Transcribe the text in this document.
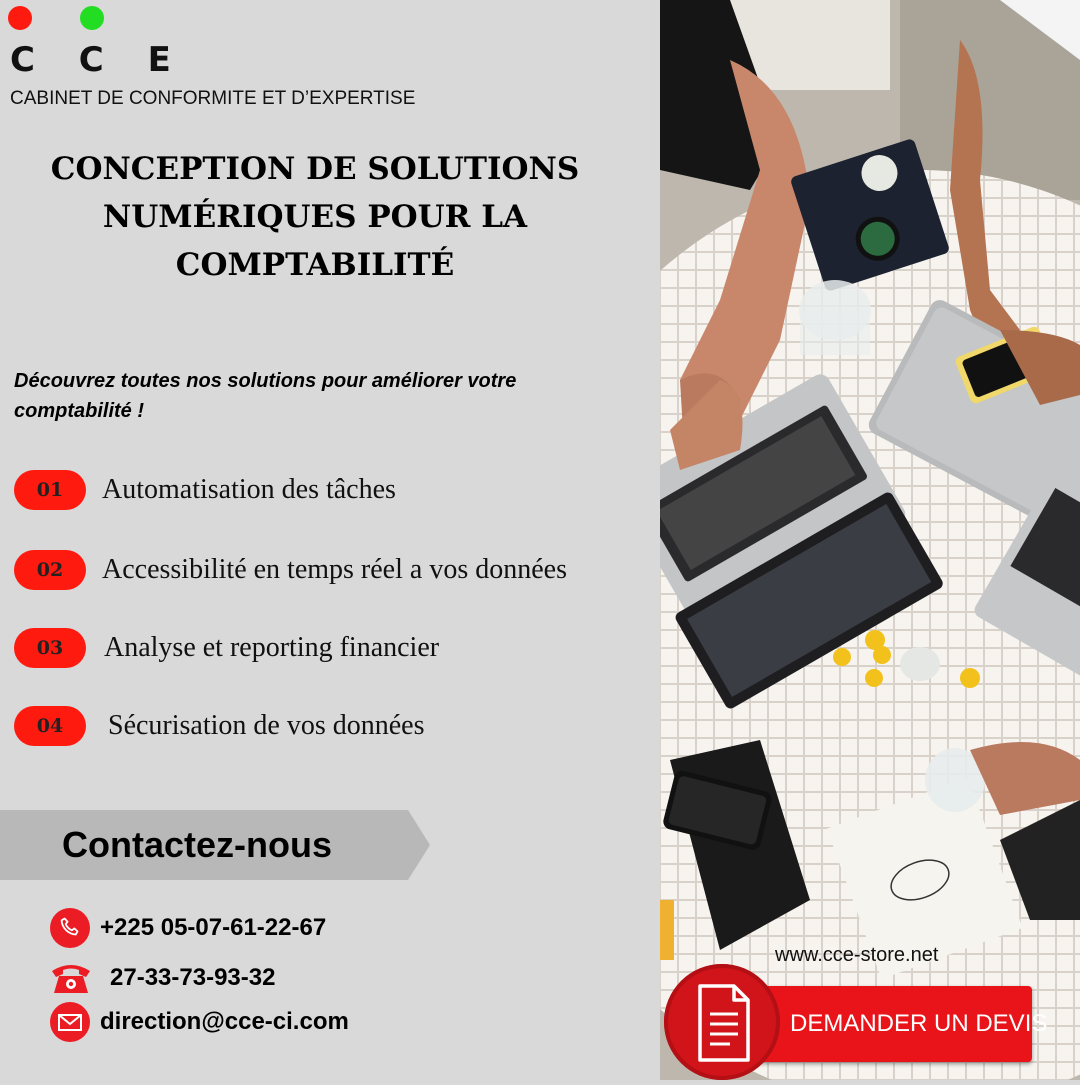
C C E
CABINET DE CONFORMITE ET D’EXPERTISE
CONCEPTION DE SOLUTIONS NUMÉRIQUES POUR LA COMPTABILITÉ
Découvrez toutes nos solutions pour améliorer votre comptabilité !
01	Automatisation des tâches
02	Accessibilité en temps réel a vos données
03	Analyse et reporting financier
04	Sécurisation de vos données
Contactez-nous
+225 05-07-61-22-67
27-33-73-93-32
direction@cce-ci.com
www.cce-store.net
DEMANDER UN DEVIS
